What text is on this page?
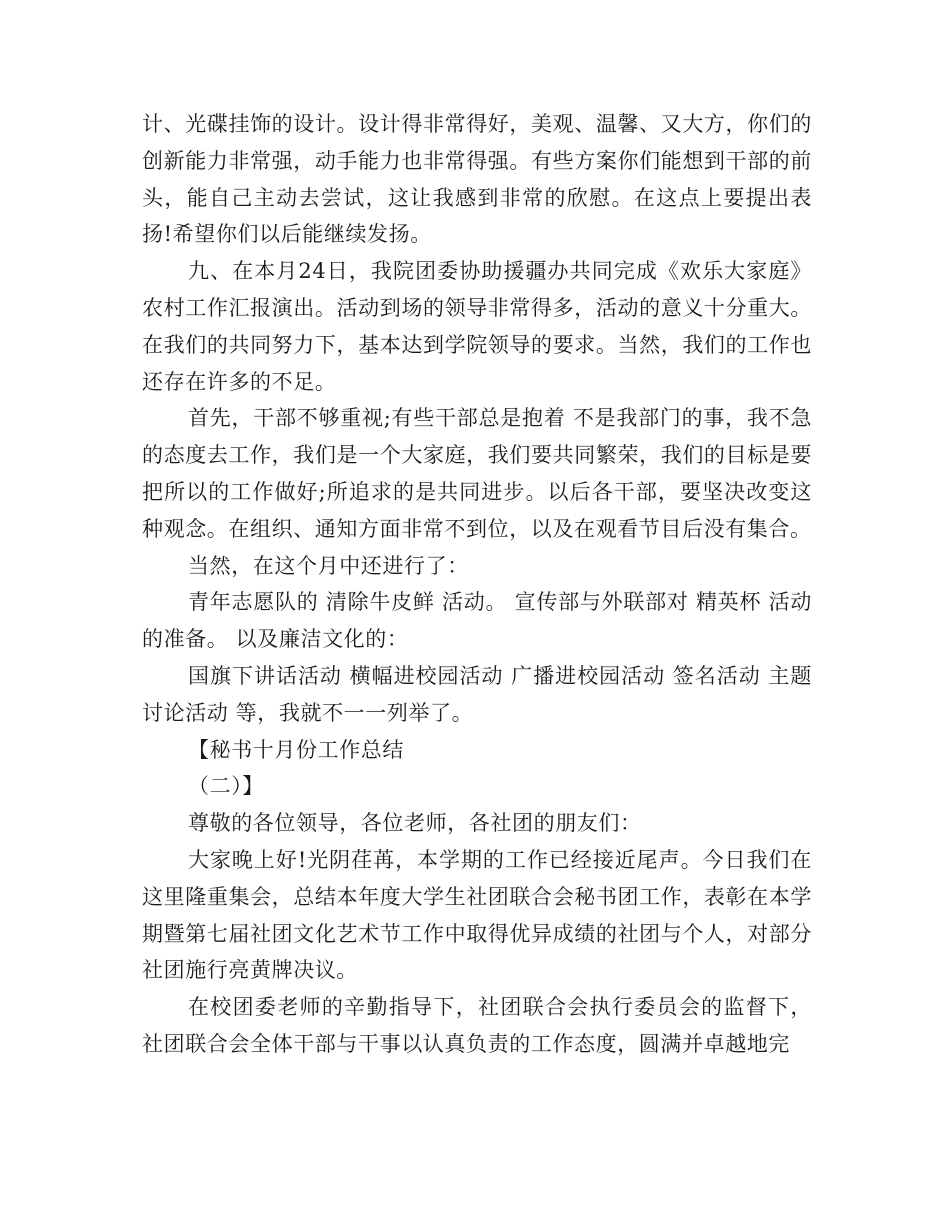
计、光碟挂饰的设计。设计得非常得好，美观、温馨、又大方，你们的创新能力非常强，动手能力也非常得强。有些方案你们能想到干部的前头，能自己主动去尝试，这让我感到非常的欣慰。在这点上要提出表扬!希望你们以后能继续发扬。

九、在本月24日，我院团委协助援疆办共同完成《欢乐大家庭》农村工作汇报演出。活动到场的领导非常得多，活动的意义十分重大。在我们的共同努力下，基本达到学院领导的要求。当然，我们的工作也还存在许多的不足。

首先，干部不够重视;有些干部总是抱着 不是我部门的事，我不急 的态度去工作，我们是一个大家庭，我们要共同繁荣，我们的目标是要把所以的工作做好;所追求的是共同进步。以后各干部，要坚决改变这种观念。在组织、通知方面非常不到位，以及在观看节目后没有集合。

当然，在这个月中还进行了：

青年志愿队的 清除牛皮鲜 活动。 宣传部与外联部对 精英杯 活动的准备。 以及廉洁文化的：

国旗下讲话活动 横幅进校园活动 广播进校园活动 签名活动 主题讨论活动 等，我就不一一列举了。

【秘书十月份工作总结

（二）】

尊敬的各位领导，各位老师，各社团的朋友们：

大家晚上好!光阴荏苒，本学期的工作已经接近尾声。今日我们在这里隆重集会，总结本年度大学生社团联合会秘书团工作，表彰在本学期暨第七届社团文化艺术节工作中取得优异成绩的社团与个人，对部分社团施行亮黄牌决议。

在校团委老师的辛勤指导下，社团联合会执行委员会的监督下，社团联合会全体干部与干事以认真负责的工作态度，圆满并卓越地完
